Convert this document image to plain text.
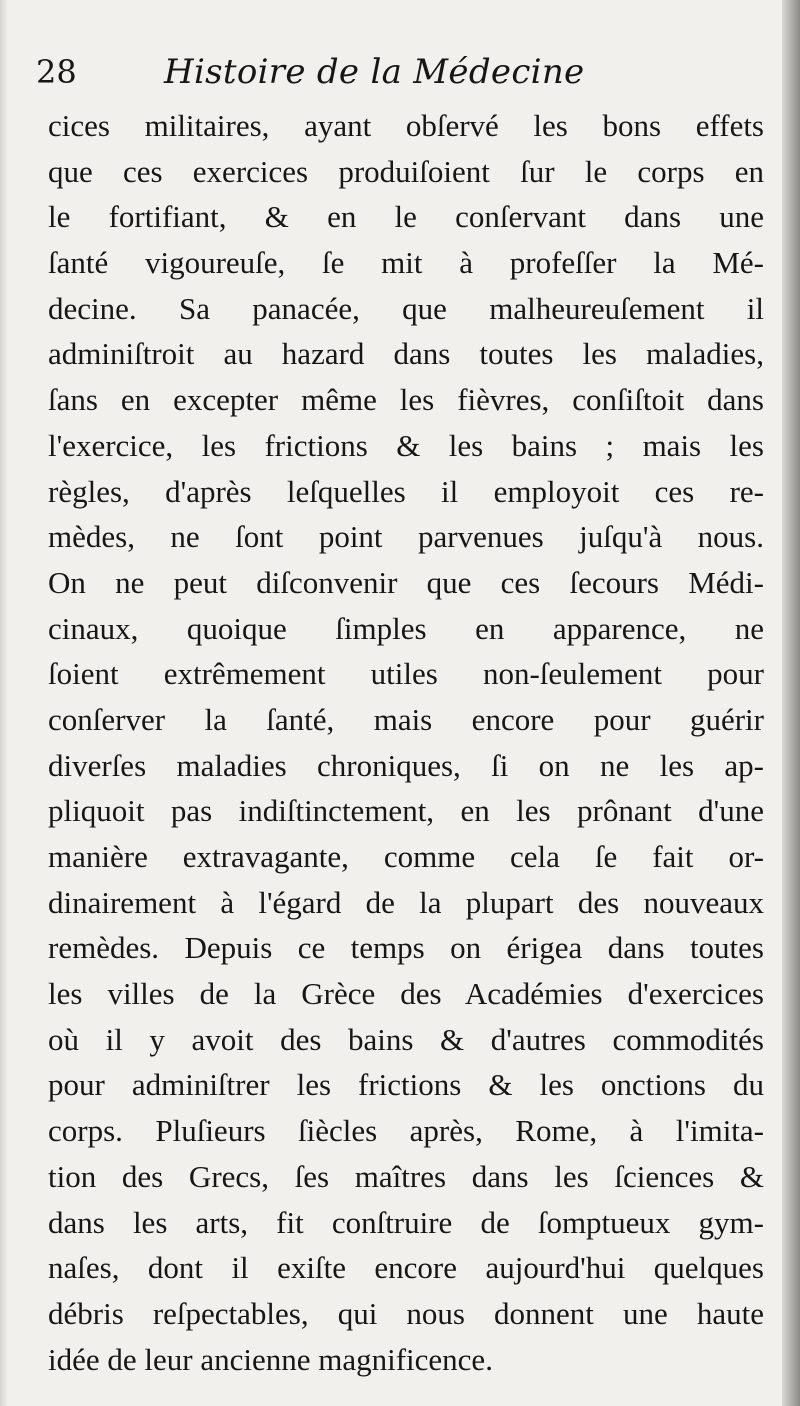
28	Histoire de la Médecine
cices militaires, ayant obſervé les bons effets
que ces exercices produiſoient ſur le corps en
le fortifiant, & en le conſervant dans une
ſanté vigoureuſe, ſe mit à profeſſer la Mé-
decine. Sa panacée, que malheureuſement il
adminiſtroit au hazard dans toutes les maladies,
ſans en excepter même les fièvres, conſiſtoit dans
l'exercice, les frictions & les bains ; mais les
règles, d'après leſquelles il employoit ces re-
mèdes, ne ſont point parvenues juſqu'à nous.
On ne peut diſconvenir que ces ſecours Médi-
cinaux, quoique ſimples en apparence, ne
ſoient extrêmement utiles non-ſeulement pour
conſerver la ſanté, mais encore pour guérir
diverſes maladies chroniques, ſi on ne les ap-
pliquoit pas indiſtinctement, en les prônant d'une
manière extravagante, comme cela ſe fait or-
dinairement à l'égard de la plupart des nouveaux
remèdes. Depuis ce temps on érigea dans toutes
les villes de la Grèce des Académies d'exercices
où il y avoit des bains & d'autres commodités
pour adminiſtrer les frictions & les onctions du
corps. Pluſieurs ſiècles après, Rome, à l'imita-
tion des Grecs, ſes maîtres dans les ſciences &
dans les arts, fit conſtruire de ſomptueux gym-
naſes, dont il exiſte encore aujourd'hui quelques
débris reſpectables, qui nous donnent une haute
idée de leur ancienne magnificence.
